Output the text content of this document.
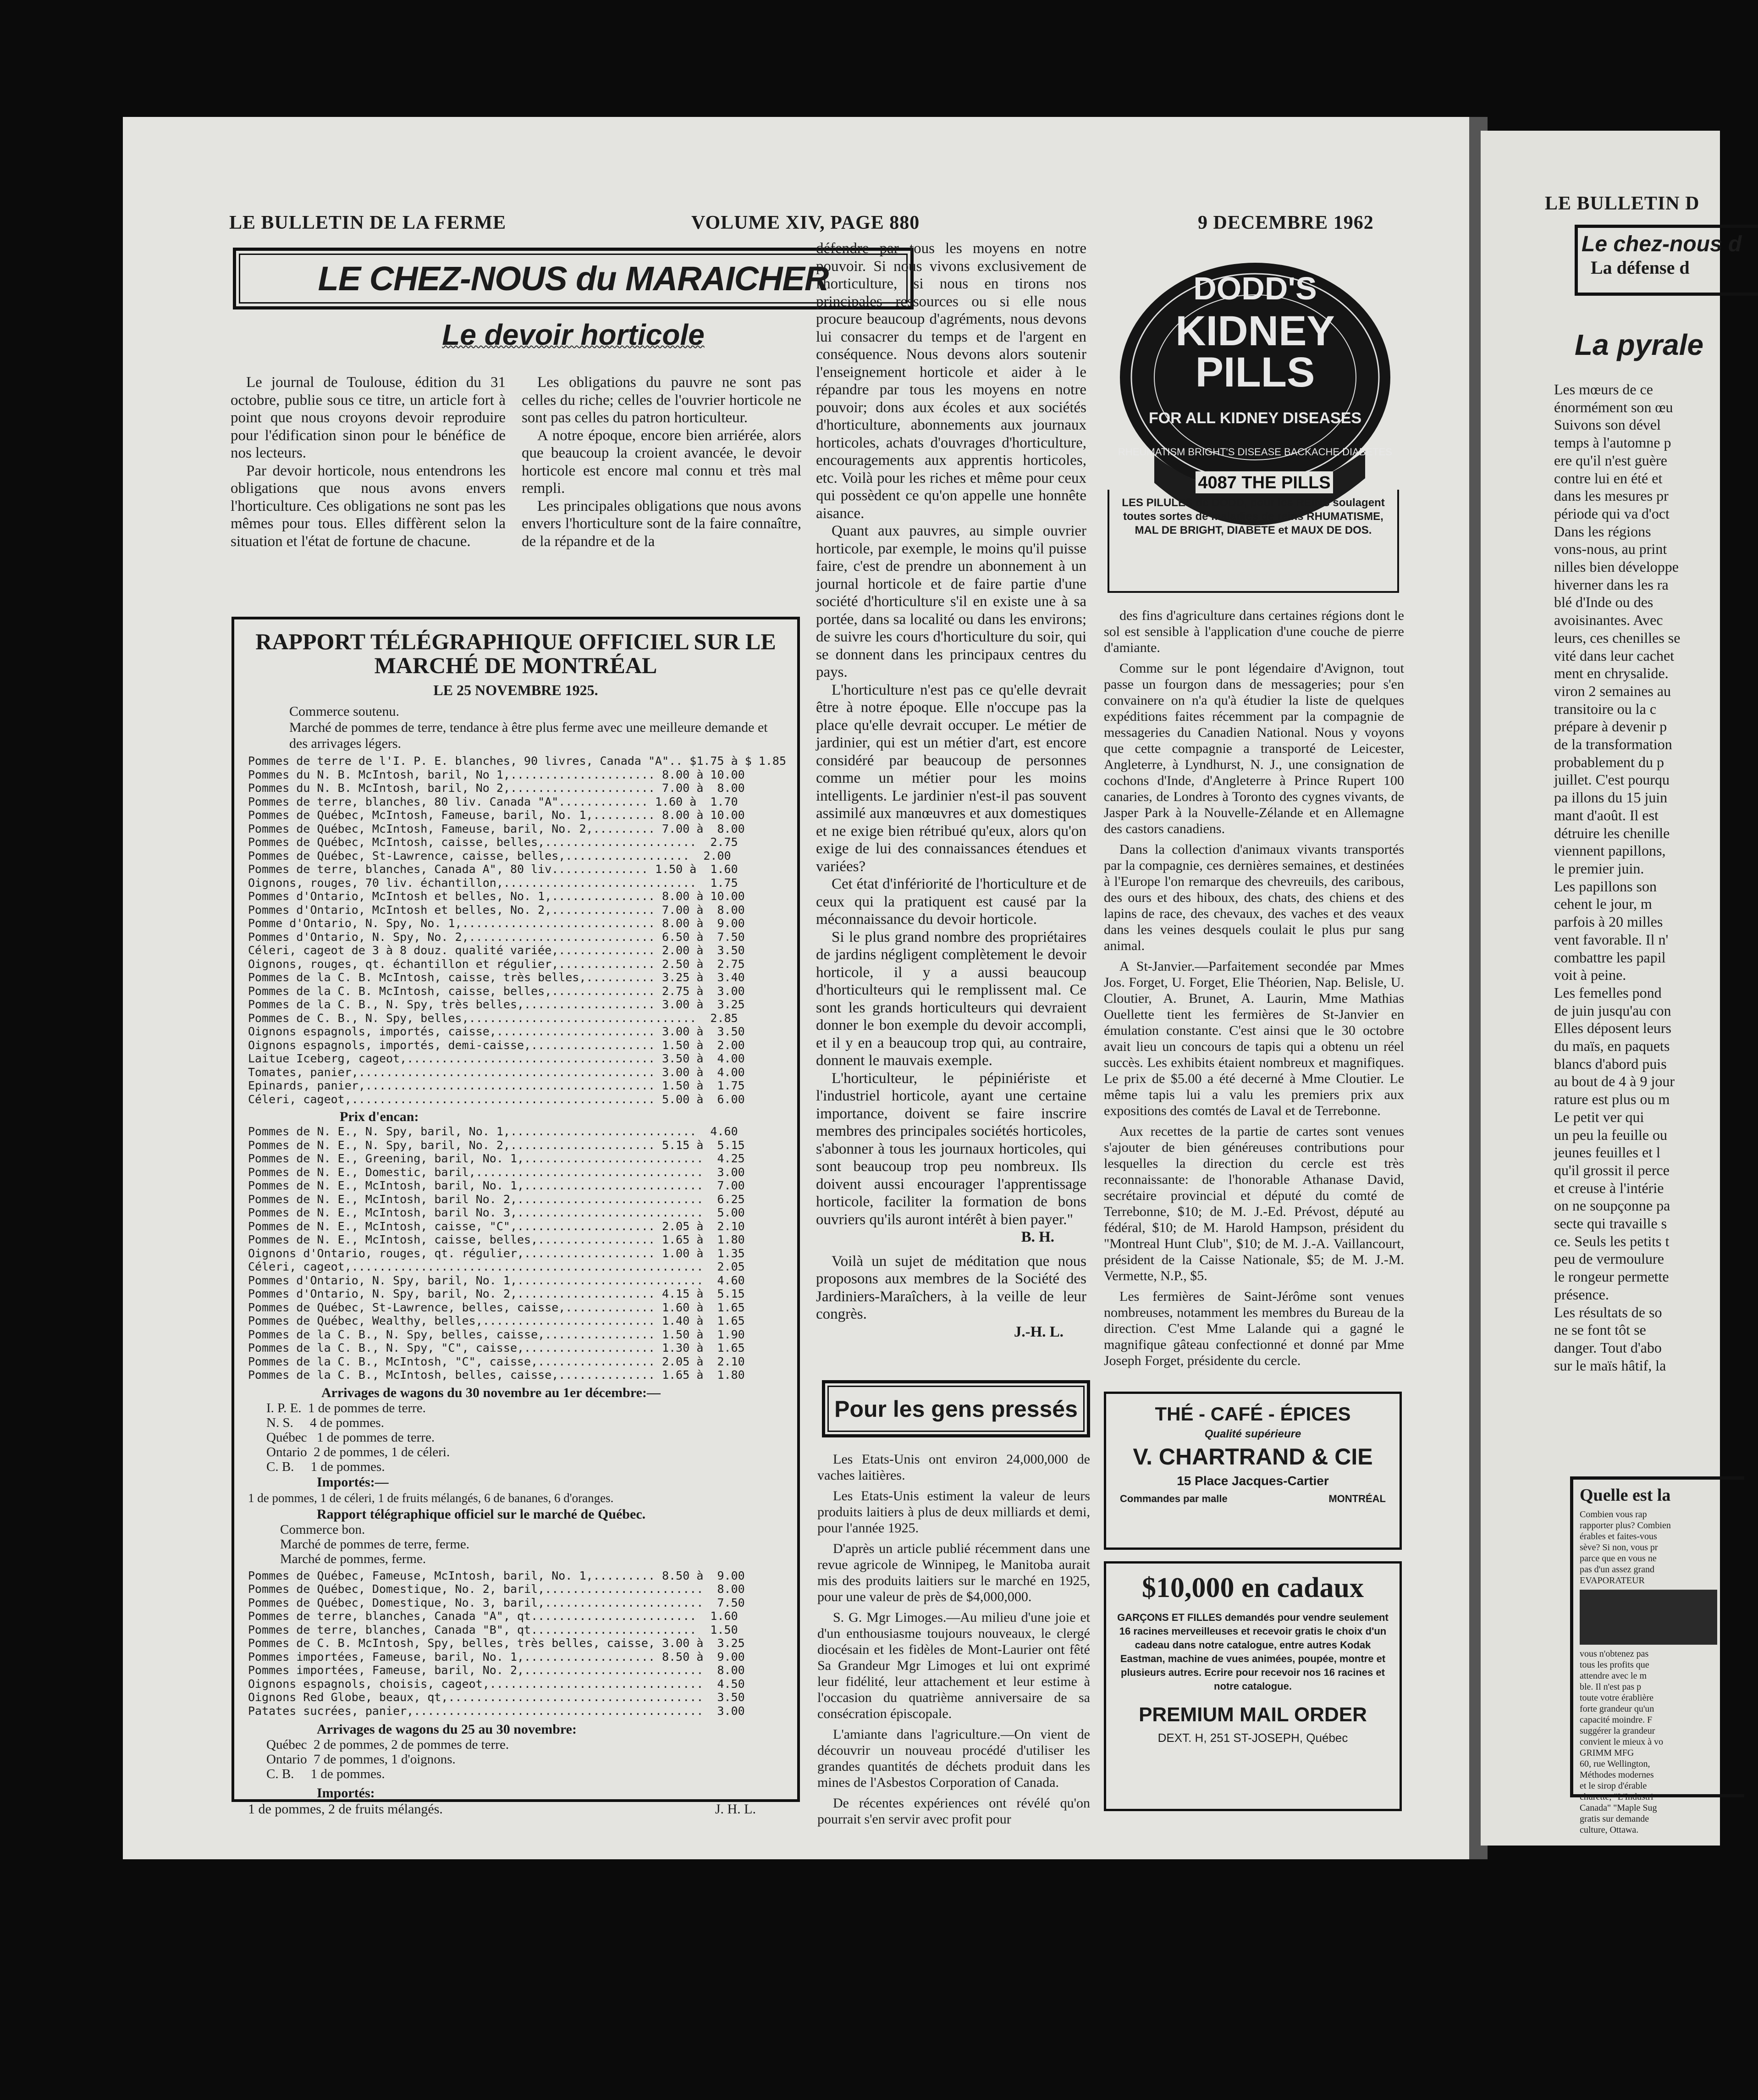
LE BULLETIN DE LA FERME	VOLUME XIV, PAGE 880	9 DECEMBRE 1962
LE CHEZ-NOUS du MARAICHER
Le devoir horticole

Le journal de Toulouse, édition du 31 octobre, publie sous ce titre, un article fort à point que nous croyons devoir reproduire pour l'édification sinon pour le bénéfice de nos lecteurs.

Par devoir horticole, nous entendrons les obligations que nous avons envers l'horticulture. Ces obligations ne sont pas les mêmes pour tous. Elles diffèrent selon la situation et l'état de fortune de chacune.

Les obligations du pauvre ne sont pas celles du riche; celles de l'ouvrier horticole ne sont pas celles du patron horticulteur.

A notre époque, encore bien arriérée, alors que beaucoup la croient avancée, le devoir horticole est encore mal connu et très mal rempli.

Les principales obligations que nous avons envers l'horticulture sont de la faire connaître, de la répandre et de la

défendre par tous les moyens en notre pouvoir. Si nous vivons exclusivement de l'horticulture, si nous en tirons nos principales ressources ou si elle nous procure beaucoup d'agréments, nous devons lui consacrer du temps et de l'argent en conséquence. Nous devons alors soutenir l'enseignement horticole et aider à le répandre par tous les moyens en notre pouvoir; dons aux écoles et aux sociétés d'horticulture, abonnements aux journaux horticoles, achats d'ouvrages d'horticulture, encouragements aux apprentis horticoles, etc. Voilà pour les riches et même pour ceux qui possèdent ce qu'on appelle une honnête aisance.

Quant aux pauvres, au simple ouvrier horticole, par exemple, le moins qu'il puisse faire, c'est de prendre un abonnement à un journal horticole et de faire partie d'une société d'horticulture s'il en existe une à sa portée, dans sa localité ou dans les environs; de suivre les cours d'horticulture du soir, qui se donnent dans les principaux centres du pays.

L'horticulture n'est pas ce qu'elle devrait être à notre époque. Elle n'occupe pas la place qu'elle devrait occuper. Le métier de jardinier, qui est un métier d'art, est encore considéré par beaucoup de personnes comme un métier pour les moins intelligents. Le jardinier n'est-il pas souvent assimilé aux manœuvres et aux domestiques et ne exige bien rétribué qu'eux, alors qu'on exige de lui des connaissances étendues et variées?

Cet état d'infériorité de l'horticulture et de ceux qui la pratiquent est causé par la méconnaissance du devoir horticole.

Si le plus grand nombre des propriétaires de jardins négligent complètement le devoir horticole, il y a aussi beaucoup d'horticulteurs qui le remplissent mal. Ce sont les grands horticulteurs qui devraient donner le bon exemple du devoir accompli, et il y en a beaucoup trop qui, au contraire, donnent le mauvais exemple.

L'horticulteur, le pépiniériste et l'industriel horticole, ayant une certaine importance, doivent se faire inscrire membres des principales sociétés horticoles, s'abonner à tous les journaux horticoles, qui sont beaucoup trop peu nombreux. Ils doivent aussi encourager l'apprentissage horticole, faciliter la formation de bons ouvriers qu'ils auront intérêt à bien payer."

B. H.

Voilà un sujet de méditation que nous proposons aux membres de la Société des Jardiniers-Maraîchers, à la veille de leur congrès.

J.-H. L.
RAPPORT TÉLÉGRAPHIQUE OFFICIEL SUR LE MARCHÉ DE MONTRÉAL
LE 25 NOVEMBRE 1925.
Commerce soutenu.
Marché de pommes de terre, tendance à être plus ferme avec une meilleure demande et des arrivages légers.
Pommes de terre de l'I. P. E. blanches, 90 livres, Canada "A".. $1.75 à $ 1.85
Pommes du N. B. McIntosh, baril, No 1,..................... 8.00 à 10.00
Pommes du N. B. McIntosh, baril, No 2,..................... 7.00 à  8.00
Pommes de terre, blanches, 80 liv. Canada "A"............. 1.60 à  1.70
Pommes de Québec, McIntosh, Fameuse, baril, No. 1,......... 8.00 à 10.00
Pommes de Québec, McIntosh, Fameuse, baril, No. 2,......... 7.00 à  8.00
Pommes de Québec, McIntosh, caisse, belles,......................  2.75
Pommes de Québec, St-Lawrence, caisse, belles,..................  2.00
Pommes de terre, blanches, Canada A", 80 liv.............. 1.50 à  1.60
Oignons, rouges, 70 liv. échantillon,............................  1.75
Pommes d'Ontario, McIntosh et belles, No. 1,............... 8.00 à 10.00
Pommes d'Ontario, McIntosh et belles, No. 2,............... 7.00 à  8.00
Pomme d'Ontario, N. Spy, No. 1,............................ 8.00 à  9.00
Pommes d'Ontario, N. Spy, No. 2,........................... 6.50 à  7.50
Céleri, cageot de 3 à 8 douz. qualité variée,.............. 2.00 à  3.50
Oignons, rouges, qt. échantillon et régulier,.............. 2.50 à  2.75
Pommes de la C. B. McIntosh, caisse, très belles,.......... 3.25 à  3.40
Pommes de la C. B. McIntosh, caisse, belles,............... 2.75 à  3.00
Pommes de la C. B., N. Spy, très belles,................... 3.00 à  3.25
Pommes de C. B., N. Spy, belles,.................................  2.85
Oignons espagnols, importés, caisse,....................... 3.00 à  3.50
Oignons espagnols, importés, demi-caisse,.................. 1.50 à  2.00
Laitue Iceberg, cageot,.................................... 3.50 à  4.00
Tomates, panier,........................................... 3.00 à  4.00
Epinards, panier,.......................................... 1.50 à  1.75
Céleri, cageot,............................................ 5.00 à  6.00
Prix d'encan:
Pommes de N. E., N. Spy, baril, No. 1,...........................  4.60
Pommes de N. E., N. Spy, baril, No. 2,..................... 5.15 à  5.15
Pommes de N. E., Greening, baril, No. 1,..........................  4.25
Pommes de N. E., Domestic, baril,.................................  3.00
Pommes de N. E., McIntosh, baril, No. 1,..........................  7.00
Pommes de N. E., McIntosh, baril No. 2,...........................  6.25
Pommes de N. E., McIntosh, baril No. 3,...........................  5.00
Pommes de N. E., McIntosh, caisse, "C",.................... 2.05 à  2.10
Pommes de N. E., McIntosh, caisse, belles,................. 1.65 à  1.80
Oignons d'Ontario, rouges, qt. régulier,................... 1.00 à  1.35
Céleri, cageot,...................................................  2.05
Pommes d'Ontario, N. Spy, baril, No. 1,...........................  4.60
Pommes d'Ontario, N. Spy, baril, No. 2,.................... 4.15 à  5.15
Pommes de Québec, St-Lawrence, belles, caisse,............. 1.60 à  1.65
Pommes de Québec, Wealthy, belles,......................... 1.40 à  1.65
Pommes de la C. B., N. Spy, belles, caisse,................ 1.50 à  1.90
Pommes de la C. B., N. Spy, "C", caisse,................... 1.30 à  1.65
Pommes de la C. B., McIntosh, "C", caisse,................. 2.05 à  2.10
Pommes de la C. B., McIntosh, belles, caisse,.............. 1.65 à  1.80
Arrivages de wagons du 30 novembre au 1er décembre:—
I. P. E.  1 de pommes de terre.
N. S.     4 de pommes.
Québec   1 de pommes de terre.
Ontario  2 de pommes, 1 de céleri.
C. B.     1 de pommes.
Importés:—
1 de pommes, 1 de céleri, 1 de fruits mélangés, 6 de bananes, 6 d'oranges.
Rapport télégraphique officiel sur le marché de Québec.
Commerce bon.
Marché de pommes de terre, ferme.
Marché de pommes, ferme.
Pommes de Québec, Fameuse, McIntosh, baril, No. 1,......... 8.50 à  9.00
Pommes de Québec, Domestique, No. 2, baril,.......................  8.00
Pommes de Québec, Domestique, No. 3, baril,.......................  7.50
Pommes de terre, blanches, Canada "A", qt........................  1.60
Pommes de terre, blanches, Canada "B", qt........................  1.50
Pommes de C. B. McIntosh, Spy, belles, très belles, caisse, 3.00 à  3.25
Pommes importées, Fameuse, baril, No. 1,................... 8.50 à  9.00
Pommes importées, Fameuse, baril, No. 2,..........................  8.00
Oignons espagnols, choisis, cageot,...............................  4.50
Oignons Red Globe, beaux, qt,.....................................  3.50
Patates sucrées, panier,..........................................  3.00
Arrivages de wagons du 25 au 30 novembre:
Québec  2 de pommes, 2 de pommes de terre.
Ontario  7 de pommes, 1 d'oignons.
C. B.     1 de pommes.
Importés:
1 de pommes, 2 de fruits mélangés.	J. H. L.
Pour les gens pressés

Les Etats-Unis ont environ 24,000,000 de vaches laitières.

Les Etats-Unis estiment la valeur de leurs produits laitiers à plus de deux milliards et demi, pour l'année 1925.

D'après un article publié récemment dans une revue agricole de Winnipeg, le Manitoba aurait mis des produits laitiers sur le marché en 1925, pour une valeur de près de $4,000,000.

S. G. Mgr Limoges.—Au milieu d'une joie et d'un enthousiasme toujours nouveaux, le clergé diocésain et les fidèles de Mont-Laurier ont fêté Sa Grandeur Mgr Limoges et lui ont exprimé leur fidélité, leur attachement et leur estime à l'occasion du quatrième anniversaire de sa consécration épiscopale.

L'amiante dans l'agriculture.—On vient de découvrir un nouveau procédé d'utiliser les grandes quantités de déchets produit dans les mines de l'Asbestos Corporation of Canada.

De récentes expériences ont révélé qu'on pourrait s'en servir avec profit pour

DODD'S
KIDNEY
PILLS
FOR ALL KIDNEY DISEASES
RHEUMATISM BRIGHT'S DISEASE BACKACHE DIABETES
4087 THE PILLS
LES PILULES de DODD, pour les REINS soulagent toutes sortes de maladies de reins RHUMATISME, MAL DE BRIGHT, DIABETE et MAUX DE DOS.

des fins d'agriculture dans certaines régions dont le sol est sensible à l'application d'une couche de pierre d'amiante.

Comme sur le pont légendaire d'Avignon, tout passe un fourgon dans de messageries; pour s'en convainere on n'a qu'à étudier la liste de quelques expéditions faites récemment par la compagnie de messageries du Canadien National. Nous y voyons que cette compagnie a transporté de Leicester, Angleterre, à Lyndhurst, N. J., une consignation de cochons d'Inde, d'Angleterre à Prince Rupert 100 canaries, de Londres à Toronto des cygnes vivants, de Jasper Park à la Nouvelle-Zélande et en Allemagne des castors canadiens.

Dans la collection d'animaux vivants transportés par la compagnie, ces dernières semaines, et destinées à l'Europe l'on remarque des chevreuils, des caribous, des ours et des hiboux, des chats, des chiens et des lapins de race, des chevaux, des vaches et des veaux dans les veines desquels coulait le plus pur sang animal.

A St-Janvier.—Parfaitement secondée par Mmes Jos. Forget, U. Forget, Elie Théorien, Nap. Belisle, U. Cloutier, A. Brunet, A. Laurin, Mme Mathias Ouellette tient les fermières de St-Janvier en émulation constante. C'est ainsi que le 30 octobre avait lieu un concours de tapis qui a obtenu un réel succès. Les exhibits étaient nombreux et magnifiques. Le prix de $5.00 a été decerné à Mme Cloutier. Le même tapis lui a valu les premiers prix aux expositions des comtés de Laval et de Terrebonne.

Aux recettes de la partie de cartes sont venues s'ajouter de bien généreuses contributions pour lesquelles la direction du cercle est très reconnaissante: de l'honorable Athanase David, secrétaire provincial et député du comté de Terrebonne, $10; de M. J.-Ed. Prévost, député au fédéral, $10; de M. Harold Hampson, président du "Montreal Hunt Club", $10; de M. J.-A. Vaillancourt, président de la Caisse Nationale, $5; de M. J.-M. Vermette, N.P., $5.

Les fermières de Saint-Jérôme sont venues nombreuses, notamment les membres du Bureau de la direction. C'est Mme Lalande qui a gagné le magnifique gâteau confectionné et donné par Mme Joseph Forget, présidente du cercle.

THÉ - CAFÉ - ÉPICES
Qualité supérieure
V. CHARTRAND & CIE
15 Place Jacques-Cartier
Commandes par malle	MONTRÉAL
$10,000 en cadaux
GARÇONS ET FILLES demandés pour vendre seulement 16 racines merveilleuses et recevoir gratis le choix d'un cadeau dans notre catalogue, entre autres Kodak Eastman, machine de vues animées, poupée, montre et plusieurs autres. Ecrire pour recevoir nos 16 racines et notre catalogue.
PREMIUM MAIL ORDER
DEXT. H, 251 ST-JOSEPH, Québec
LE BULLETIN D
Le chez-nous d
La défense d
La pyrale
Les mœurs de ce
énormément son œu
Suivons son dével
temps à l'automne p
ere qu'il n'est guère
contre lui en été et
dans les mesures pr
période qui va d'oct
Dans les régions
vons-nous, au print
nilles bien développe
hiverner dans les ra
blé d'Inde ou des
avoisinantes. Avec
leurs, ces chenilles se
vité dans leur cachet
ment en chrysalide.
viron 2 semaines au
transitoire ou la c
prépare à devenir p
de la transformation
probablement du p
juillet. C'est pourqu
pa illons du 15 juin
mant d'août. Il est
détruire les chenille
viennent papillons,
le premier juin.
Les papillons son
cehent le jour, m
parfois à 20 milles
vent favorable. Il n'
combattre les papil
voit à peine.
Les femelles pond
de juin jusqu'au con
Elles déposent leurs
du maïs, en paquets
blancs d'abord puis
au bout de 4 à 9 jour
rature est plus ou m
Le petit ver qui
un peu la feuille ou
jeunes feuilles et l
qu'il grossit il perce
et creuse à l'intérie
on ne soupçonne pa
secte qui travaille s
ce. Seuls les petits t
peu de vermoulure
le rongeur permette
présence.
Les résultats de so
ne se font tôt se
danger. Tout d'abo
sur le maïs hâtif, la
Quelle est la
Combien vous rap
rapporter plus? Combien
érables et faites-vous
sève? Si non, vous pr
parce que en vous ne
pas d'un assez grand
EVAPORATEUR
vous n'obtenez pas
tous les profits que
attendre avec le m
ble. Il n'est pas p
toute votre érablière
forte grandeur qu'un
capacité moindre. F
suggérer la grandeur
convient le mieux à vo
GRIMM MFG
60, rue Wellington,
Méthodes modernes
et le sirop d'érable
churette, "L'Industri
Canada" "Maple Sug
gratis sur demande
culture, Ottawa.
